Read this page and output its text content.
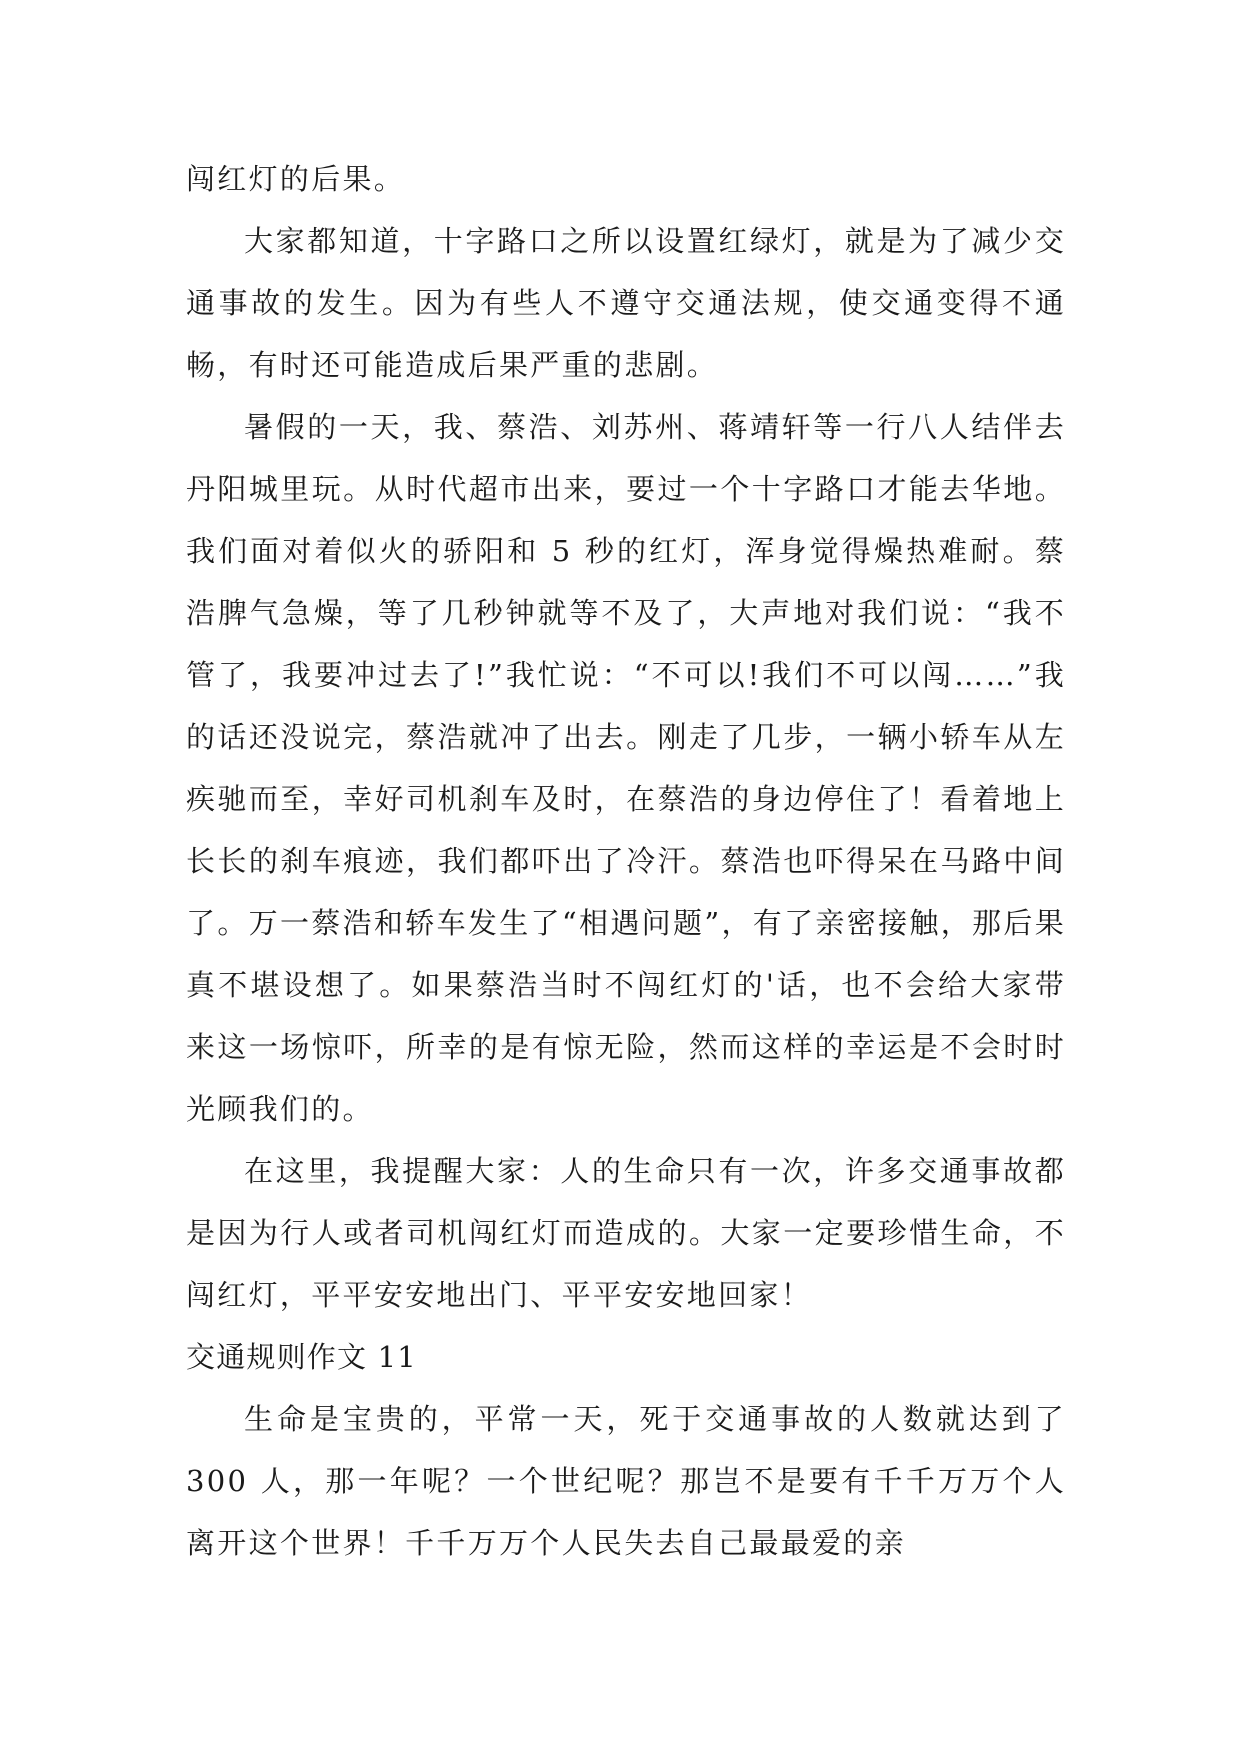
闯红灯的后果。

大家都知道，十字路口之所以设置红绿灯，就是为了减少交通事故的发生。因为有些人不遵守交通法规，使交通变得不通畅，有时还可能造成后果严重的悲剧。

暑假的一天，我、蔡浩、刘苏州、蒋靖轩等一行八人结伴去丹阳城里玩。从时代超市出来，要过一个十字路口才能去华地。我们面对着似火的骄阳和 5 秒的红灯，浑身觉得燥热难耐。蔡浩脾气急燥，等了几秒钟就等不及了，大声地对我们说：“我不管了，我要冲过去了!”我忙说：“不可以!我们不可以闯……”我的话还没说完，蔡浩就冲了出去。刚走了几步，一辆小轿车从左疾驰而至，幸好司机刹车及时，在蔡浩的身边停住了！看着地上长长的刹车痕迹，我们都吓出了冷汗。蔡浩也吓得呆在马路中间了。万一蔡浩和轿车发生了“相遇问题”，有了亲密接触，那后果真不堪设想了。如果蔡浩当时不闯红灯的'话，也不会给大家带来这一场惊吓，所幸的是有惊无险，然而这样的幸运是不会时时光顾我们的。

在这里，我提醒大家：人的生命只有一次，许多交通事故都是因为行人或者司机闯红灯而造成的。大家一定要珍惜生命，不闯红灯，平平安安地出门、平平安安地回家！

交通规则作文 11

生命是宝贵的，平常一天，死于交通事故的人数就达到了 300 人，那一年呢？一个世纪呢？那岂不是要有千千万万个人离开这个世界！千千万万个人民失去自己最最爱的亲
